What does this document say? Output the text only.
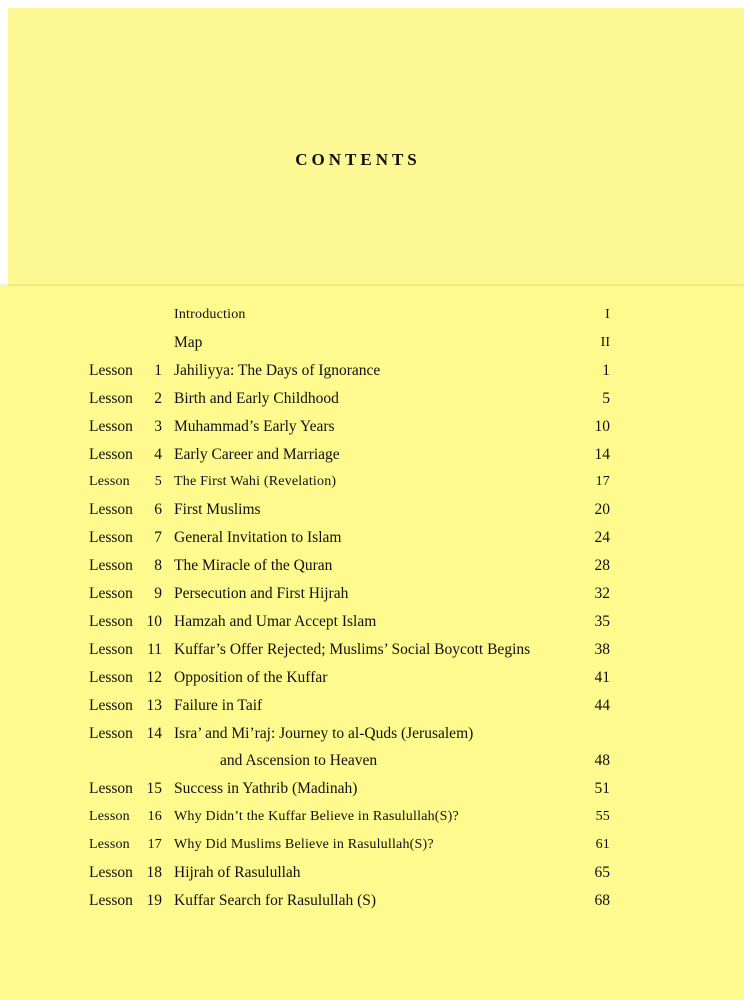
CONTENTS
Introduction	I
Map	II
Lesson	1 Jahiliyya: The Days of Ignorance	1
Lesson	2 Birth and Early Childhood	5
Lesson	3 Muhammad’s Early Years	10
Lesson	4 Early Career and Marriage	14
Lesson	5 The First Wahi (Revelation)	17
Lesson	6 First Muslims	20
Lesson	7 General Invitation to Islam	24
Lesson	8 The Miracle of the Quran	28
Lesson	9 Persecution and First Hijrah	32
Lesson 10 Hamzah and Umar Accept Islam	35
Lesson 11 Kuffar’s Offer Rejected; Muslims’ Social Boycott Begins	38
Lesson 12 Opposition of the Kuffar	41
Lesson 13 Failure in Taif	44
Lesson 14 Isra’ and Mi’raj: Journey to al-Quds (Jerusalem)
and Ascension to Heaven	48
Lesson 15 Success in Yathrib (Madinah)	51
Lesson	16 Why Didn’t the Kuffar Believe in Rasulullah(S)?	55
Lesson	17 Why Did Muslims Believe in Rasulullah(S)?	61
Lesson 18 Hijrah of Rasulullah	65
Lesson 19 Kuffar Search for Rasulullah (S)	68
